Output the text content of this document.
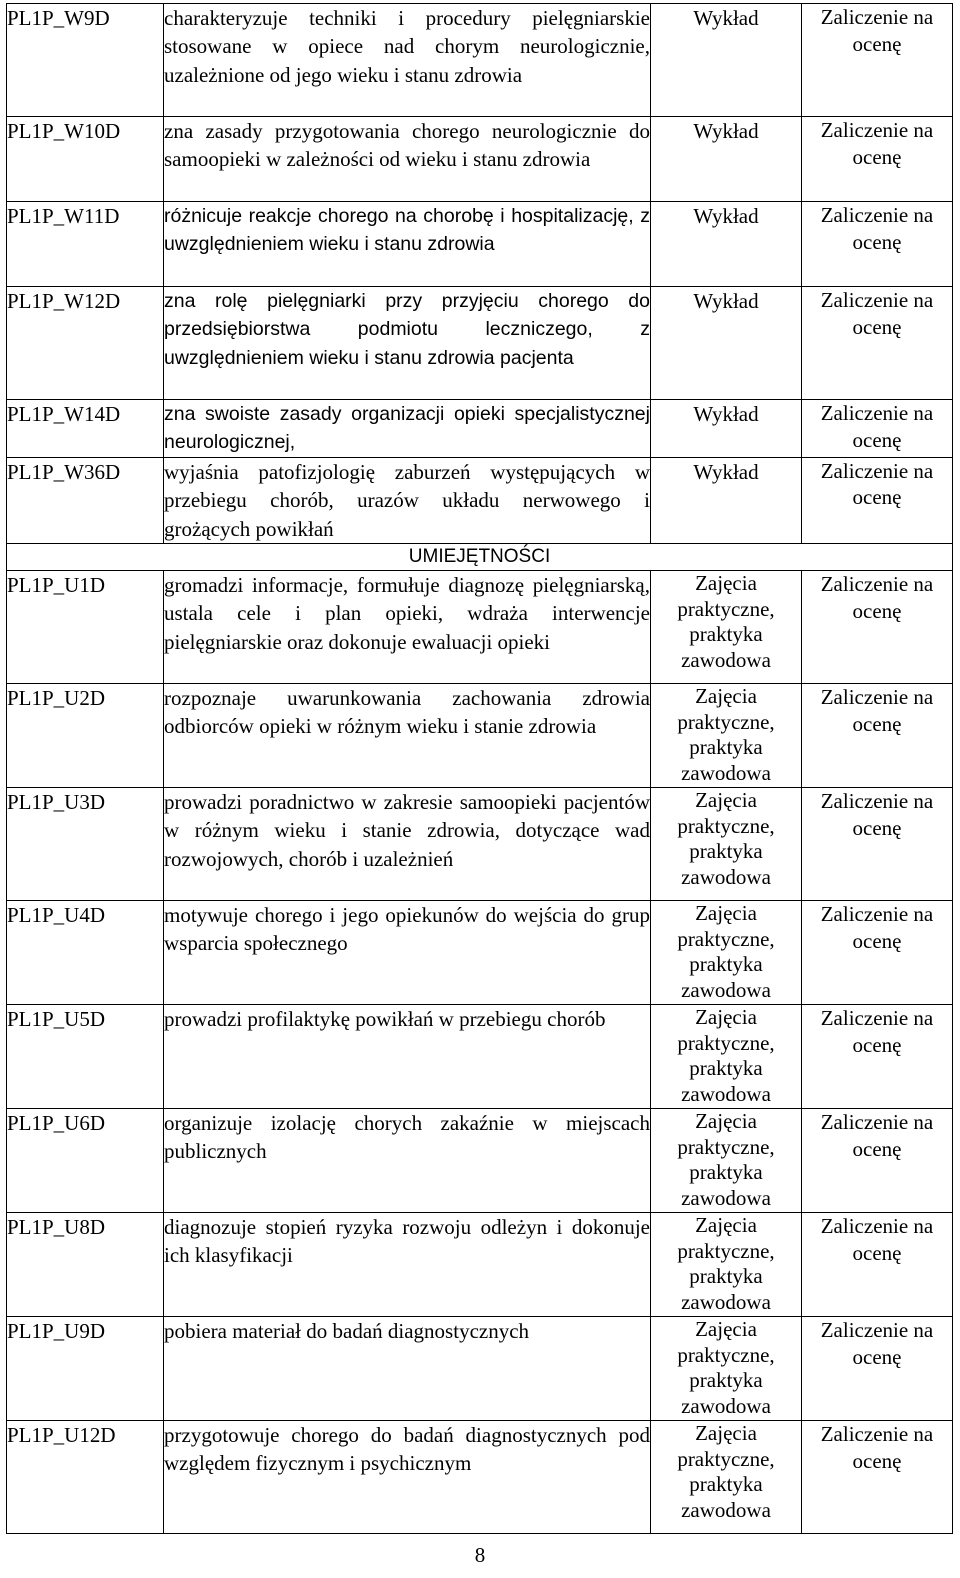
PL1P_W9D	charakteryzuje techniki i procedury pielęgniarskie stosowane w opiece nad chorym neurologicznie, uzależnione od jego wieku i stanu zdrowia	Wykład	Zaliczenie na ocenę
PL1P_W10D	zna zasady przygotowania chorego neurologicznie do samoopieki w zależności od wieku i stanu zdrowia	Wykład	Zaliczenie na ocenę
PL1P_W11D	różnicuje reakcje chorego na chorobę i hospitalizację, z uwzględnieniem wieku i stanu zdrowia	Wykład	Zaliczenie na ocenę
PL1P_W12D	zna rolę pielęgniarki przy przyjęciu chorego do przedsiębiorstwa podmiotu leczniczego, z uwzględnieniem wieku i stanu zdrowia pacjenta	Wykład	Zaliczenie na ocenę
PL1P_W14D	zna swoiste zasady organizacji opieki specjalistycznej neurologicznej,	Wykład	Zaliczenie na ocenę
PL1P_W36D	wyjaśnia patofizjologię zaburzeń występujących w przebiegu chorób, urazów układu nerwowego i grożących powikłań	Wykład	Zaliczenie na ocenę
UMIEJĘTNOŚCI			
PL1P_U1D	gromadzi informacje, formułuje diagnozę pielęgniarską, ustala cele i plan opieki, wdraża interwencje pielęgniarskie oraz dokonuje ewaluacji opieki	Zajęcia praktyczne, praktyka zawodowa	Zaliczenie na ocenę
PL1P_U2D	rozpoznaje uwarunkowania zachowania zdrowia odbiorców opieki w różnym wieku i stanie zdrowia	Zajęcia praktyczne, praktyka zawodowa	Zaliczenie na ocenę
PL1P_U3D	prowadzi poradnictwo w zakresie samoopieki pacjentów w różnym wieku i stanie zdrowia, dotyczące wad rozwojowych, chorób i uzależnień	Zajęcia praktyczne, praktyka zawodowa	Zaliczenie na ocenę
PL1P_U4D	motywuje chorego i jego opiekunów do wejścia do grup wsparcia społecznego	Zajęcia praktyczne, praktyka zawodowa	Zaliczenie na ocenę
PL1P_U5D	prowadzi profilaktykę powikłań w przebiegu chorób	Zajęcia praktyczne, praktyka zawodowa	Zaliczenie na ocenę
PL1P_U6D	organizuje izolację chorych zakaźnie w miejscach publicznych	Zajęcia praktyczne, praktyka zawodowa	Zaliczenie na ocenę
PL1P_U8D	diagnozuje stopień ryzyka rozwoju odleżyn i dokonuje ich klasyfikacji	Zajęcia praktyczne, praktyka zawodowa	Zaliczenie na ocenę
PL1P_U9D	pobiera materiał do badań diagnostycznych	Zajęcia praktyczne, praktyka zawodowa	Zaliczenie na ocenę
PL1P_U12D	przygotowuje chorego do badań diagnostycznych pod względem fizycznym i psychicznym	Zajęcia praktyczne, praktyka zawodowa	Zaliczenie na ocenę
8
